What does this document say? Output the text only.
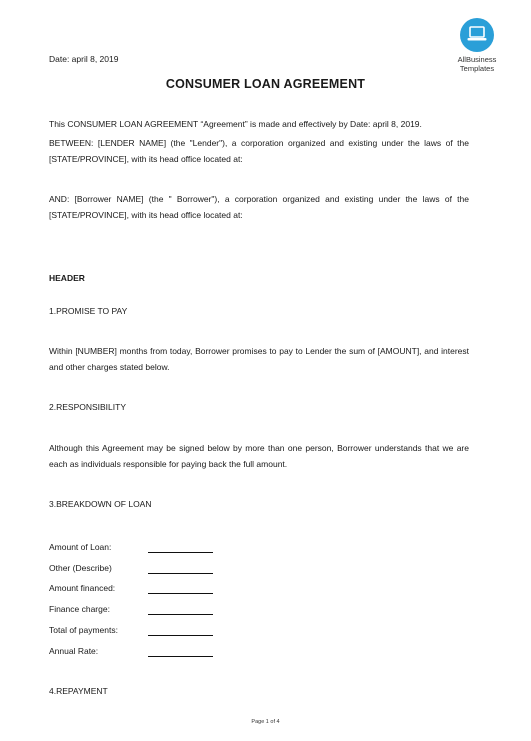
AllBusiness
Templates
Date: april 8, 2019
CONSUMER LOAN AGREEMENT
This CONSUMER LOAN AGREEMENT “Agreement” is made and effectively by Date: april 8, 2019.
BETWEEN: [LENDER NAME] (the "Lender"), a corporation organized and existing under the laws of the [STATE/PROVINCE], with its head office located at:
AND: [Borrower NAME] (the " Borrower"), a corporation organized and existing under the laws of the [STATE/PROVINCE], with its head office located at:
HEADER
1.PROMISE TO PAY
Within [NUMBER] months from today, Borrower promises to pay to Lender the sum of [AMOUNT], and interest and other charges stated below.
2.RESPONSIBILITY
Although this Agreement may be signed below by more than one person, Borrower understands that we are each as individuals responsible for paying back the full amount.
3.BREAKDOWN OF LOAN
Amount of Loan:
Other (Describe)
Amount financed:
Finance charge:
Total of payments:
Annual Rate:
4.REPAYMENT
Page 1 of 4
